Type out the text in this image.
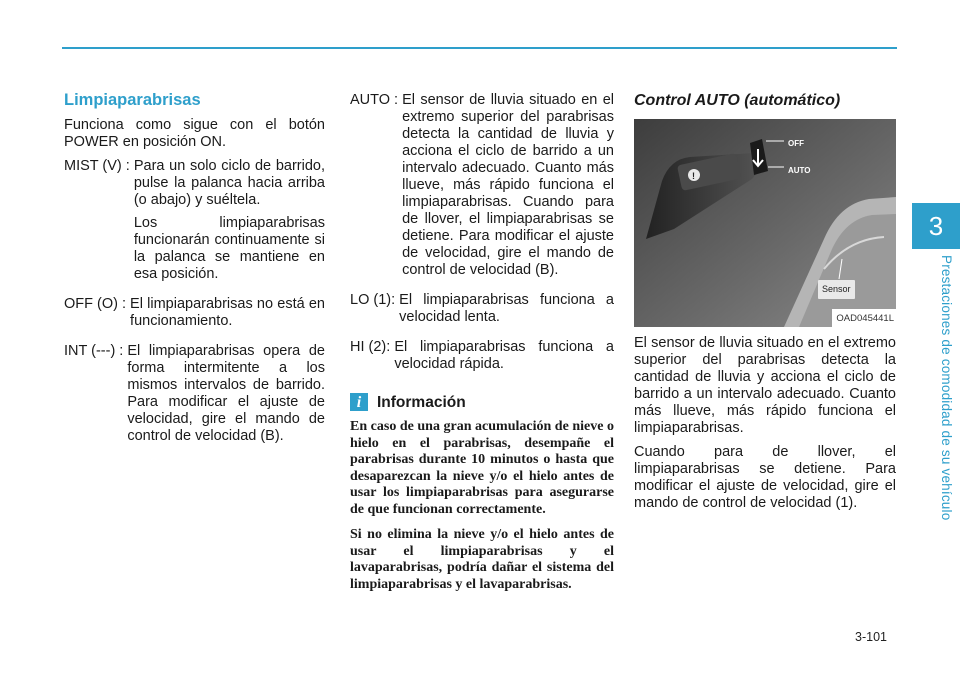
3
Prestaciones de comodidad de su vehículo
Limpiaparabrisas

Funciona como sigue con el botón POWER en posición ON.

MIST (V) : Para un solo ciclo de barrido, pulse la palanca hacia arriba (o abajo) y suéltela.

Los limpiaparabrisas funcionarán continuamente si la palanca se mantiene en esa posición.

OFF (O) : El limpiaparabrisas no está en funcionamiento.

INT (---) : El limpiaparabrisas opera de forma intermitente a los mismos intervalos de barrido. Para modificar el ajuste de velocidad, gire el mando de control de velocidad (B).

AUTO : El sensor de lluvia situado en el extremo superior del parabrisas detecta la cantidad de lluvia y acciona el ciclo de barrido a un intervalo adecuado. Cuanto más llueve, más rápido funciona el limpiaparabrisas. Cuando para de llover, el limpiaparabrisas se detiene. Para modificar el ajuste de velocidad, gire el mando de control de velocidad (B).

LO (1): El limpiaparabrisas funciona a velocidad lenta.

HI (2): El limpiaparabrisas funciona a velocidad rápida.

i	Información

En caso de una gran acumulación de nieve o hielo en el parabrisas, desempañe el parabrisas durante 10 minutos o hasta que desaparezcan la nieve y/o el hielo antes de usar los limpiaparabrisas para asegurarse de que funcionan correctamente.

Si no elimina la nieve y/o el hielo antes de usar el limpiaparabrisas y el lavaparabrisas, podría dañar el sistema del limpiaparabrisas y el lavaparabrisas.

Control AUTO (automático)
!
OFF
AUTO
Sensor
OAD045441L

El sensor de lluvia situado en el extremo superior del parabrisas detecta la cantidad de lluvia y acciona el ciclo de barrido a un intervalo adecuado. Cuanto más llueve, más rápido funciona el limpiaparabrisas.

Cuando para de llover, el limpiaparabrisas se detiene. Para modificar el ajuste de velocidad, gire el mando de control de velocidad (1).

3-101
